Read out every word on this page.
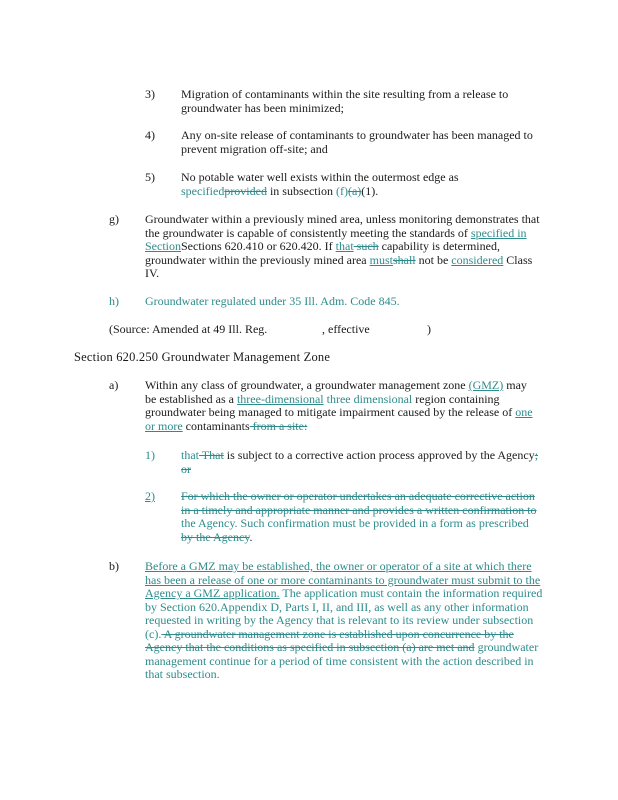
3) Migration of contaminants within the site resulting from a release to groundwater has been minimized;
4) Any on-site release of contaminants to groundwater has been managed to prevent migration off-site; and
5) No potable water well exists within the outermost edge as
specifiedprovided in subsection (f)(a)(1).
g) Groundwater within a previously mined area, unless monitoring demonstrates that the groundwater is capable of consistently meeting the standards of specified in SectionSections 620.410 or 620.420. If that such capability is determined, groundwater within the previously mined area mustshall not be considered Class IV.
h) Groundwater regulated under 35 Ill. Adm. Code 845.
(Source: Amended at 49 Ill. Reg.	, effective	)
Section 620.250 Groundwater Management Zone
a) Within any class of groundwater, a groundwater management zone (GMZ) may be established as a three-dimensional three dimensional region containing groundwater being managed to mitigate impairment caused by the release of one or more contaminants from a site:
1) that That is subject to a corrective action process approved by the Agency; or
2) For which the owner or operator undertakes an adequate corrective action in a timely and appropriate manner and provides a written confirmation to the Agency. Such confirmation must be provided in a form as prescribed by the Agency.
b) Before a GMZ may be established, the owner or operator of a site at which there has been a release of one or more contaminants to groundwater must submit to the Agency a GMZ application. The application must contain the information required by Section 620.Appendix D, Parts I, II, and III, as well as any other information requested in writing by the Agency that is relevant to its review under subsection (c). A groundwater management zone is established upon concurrence by the Agency that the conditions as specified in subsection (a) are met and groundwater management continue for a period of time consistent with the action described in that subsection.
